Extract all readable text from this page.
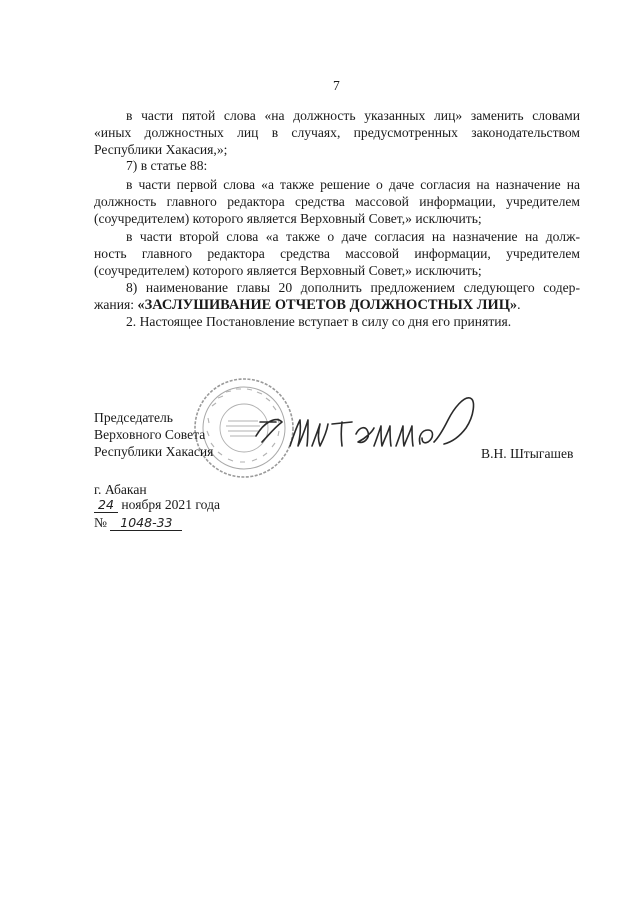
7
в части пятой слова «на должность указанных лиц» заменить словами
«иных должностных лиц в случаях, предусмотренных законодательством
Республики Хакасия,»;
7) в статье 88:
в части первой слова «а также решение о даче согласия на назначение на
должность главного редактора средства массовой информации, учредителем
(соучредителем) которого является Верховный Совет,» исключить;
в части второй слова «а также о даче согласия на назначение на долж-
ность главного редактора средства массовой информации, учредителем
(соучредителем) которого является Верховный Совет,» исключить;
8) наименование главы 20 дополнить предложением следующего содер-
жания: «ЗАСЛУШИВАНИЕ ОТЧЕТОВ ДОЛЖНОСТНЫХ ЛИЦ».
2. Настоящее Постановление вступает в силу со дня его принятия.
Председатель
Верховного Совета
Республики Хакасия	В.Н. Штыгашев
г. Абакан
24 ноября 2021 года
№ 1048-33
